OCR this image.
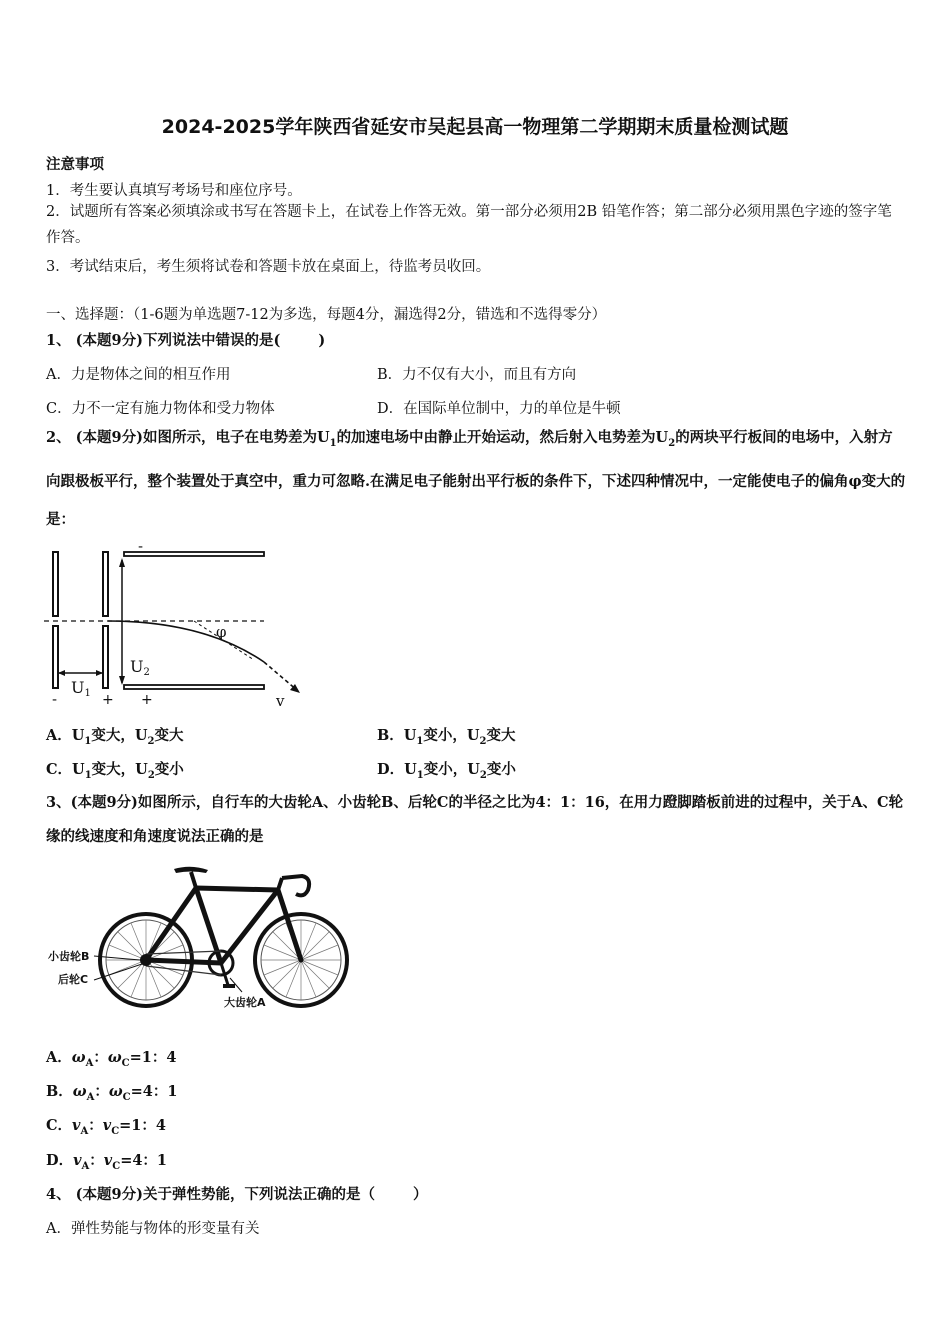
2024-2025学年陕西省延安市吴起县高一物理第二学期期末质量检测试题
注意事项
1．考生要认真填写考场号和座位序号。
2．试题所有答案必须填涂或书写在答题卡上，在试卷上作答无效。第一部分必须用2B 铅笔作答；第二部分必须用黑色字迹的签字笔作答。
3．考试结束后，考生须将试卷和答题卡放在桌面上，待监考员收回。
一、选择题：（1-6题为单选题7-12为多选，每题4分，漏选得2分，错选和不选得零分）
1、 (本题9分)下列说法中错误的是(	)
A．力是物体之间的相互作用	B．力不仅有大小，而且有方向
C．力不一定有施力物体和受力物体	D．在国际单位制中，力的单位是牛顿
2、 (本题9分)如图所示，电子在电势差为$U_1$的加速电场中由静止开始运动，然后射入电势差为$U_2$的两块平行板间的电场中，入射方向跟极板平行，整个装置处于真空中，重力可忽略.在满足电子能射出平行板的条件下，下述四种情况中，一定能使电子的偏角φ变大的是：
U1
-	+
-
+
U2
φ
v
A．$U_1$变大，$U_2$变大	B．$U_1$变小，$U_2$变大
C．$U_1$变大，$U_2$变小	D．$U_1$变小，$U_2$变小
3、(本题9分)如图所示，自行车的大齿轮A、小齿轮B、后轮C的半径之比为4：1：16，在用力蹬脚踏板前进的过程中，关于A、C轮缘的线速度和角速度说法正确的是
小齿轮B
后轮C
大齿轮A
A．$\omega_A$：$\omega_C=1$：4
B．$\omega_A$：$\omega_C=4$：1
C．$v_A$：$v_C=1$：4
D．$v_A$：$v_C=4$：1
4、 (本题9分)关于弹性势能，下列说法正确的是（	）
A．弹性势能与物体的形变量有关
